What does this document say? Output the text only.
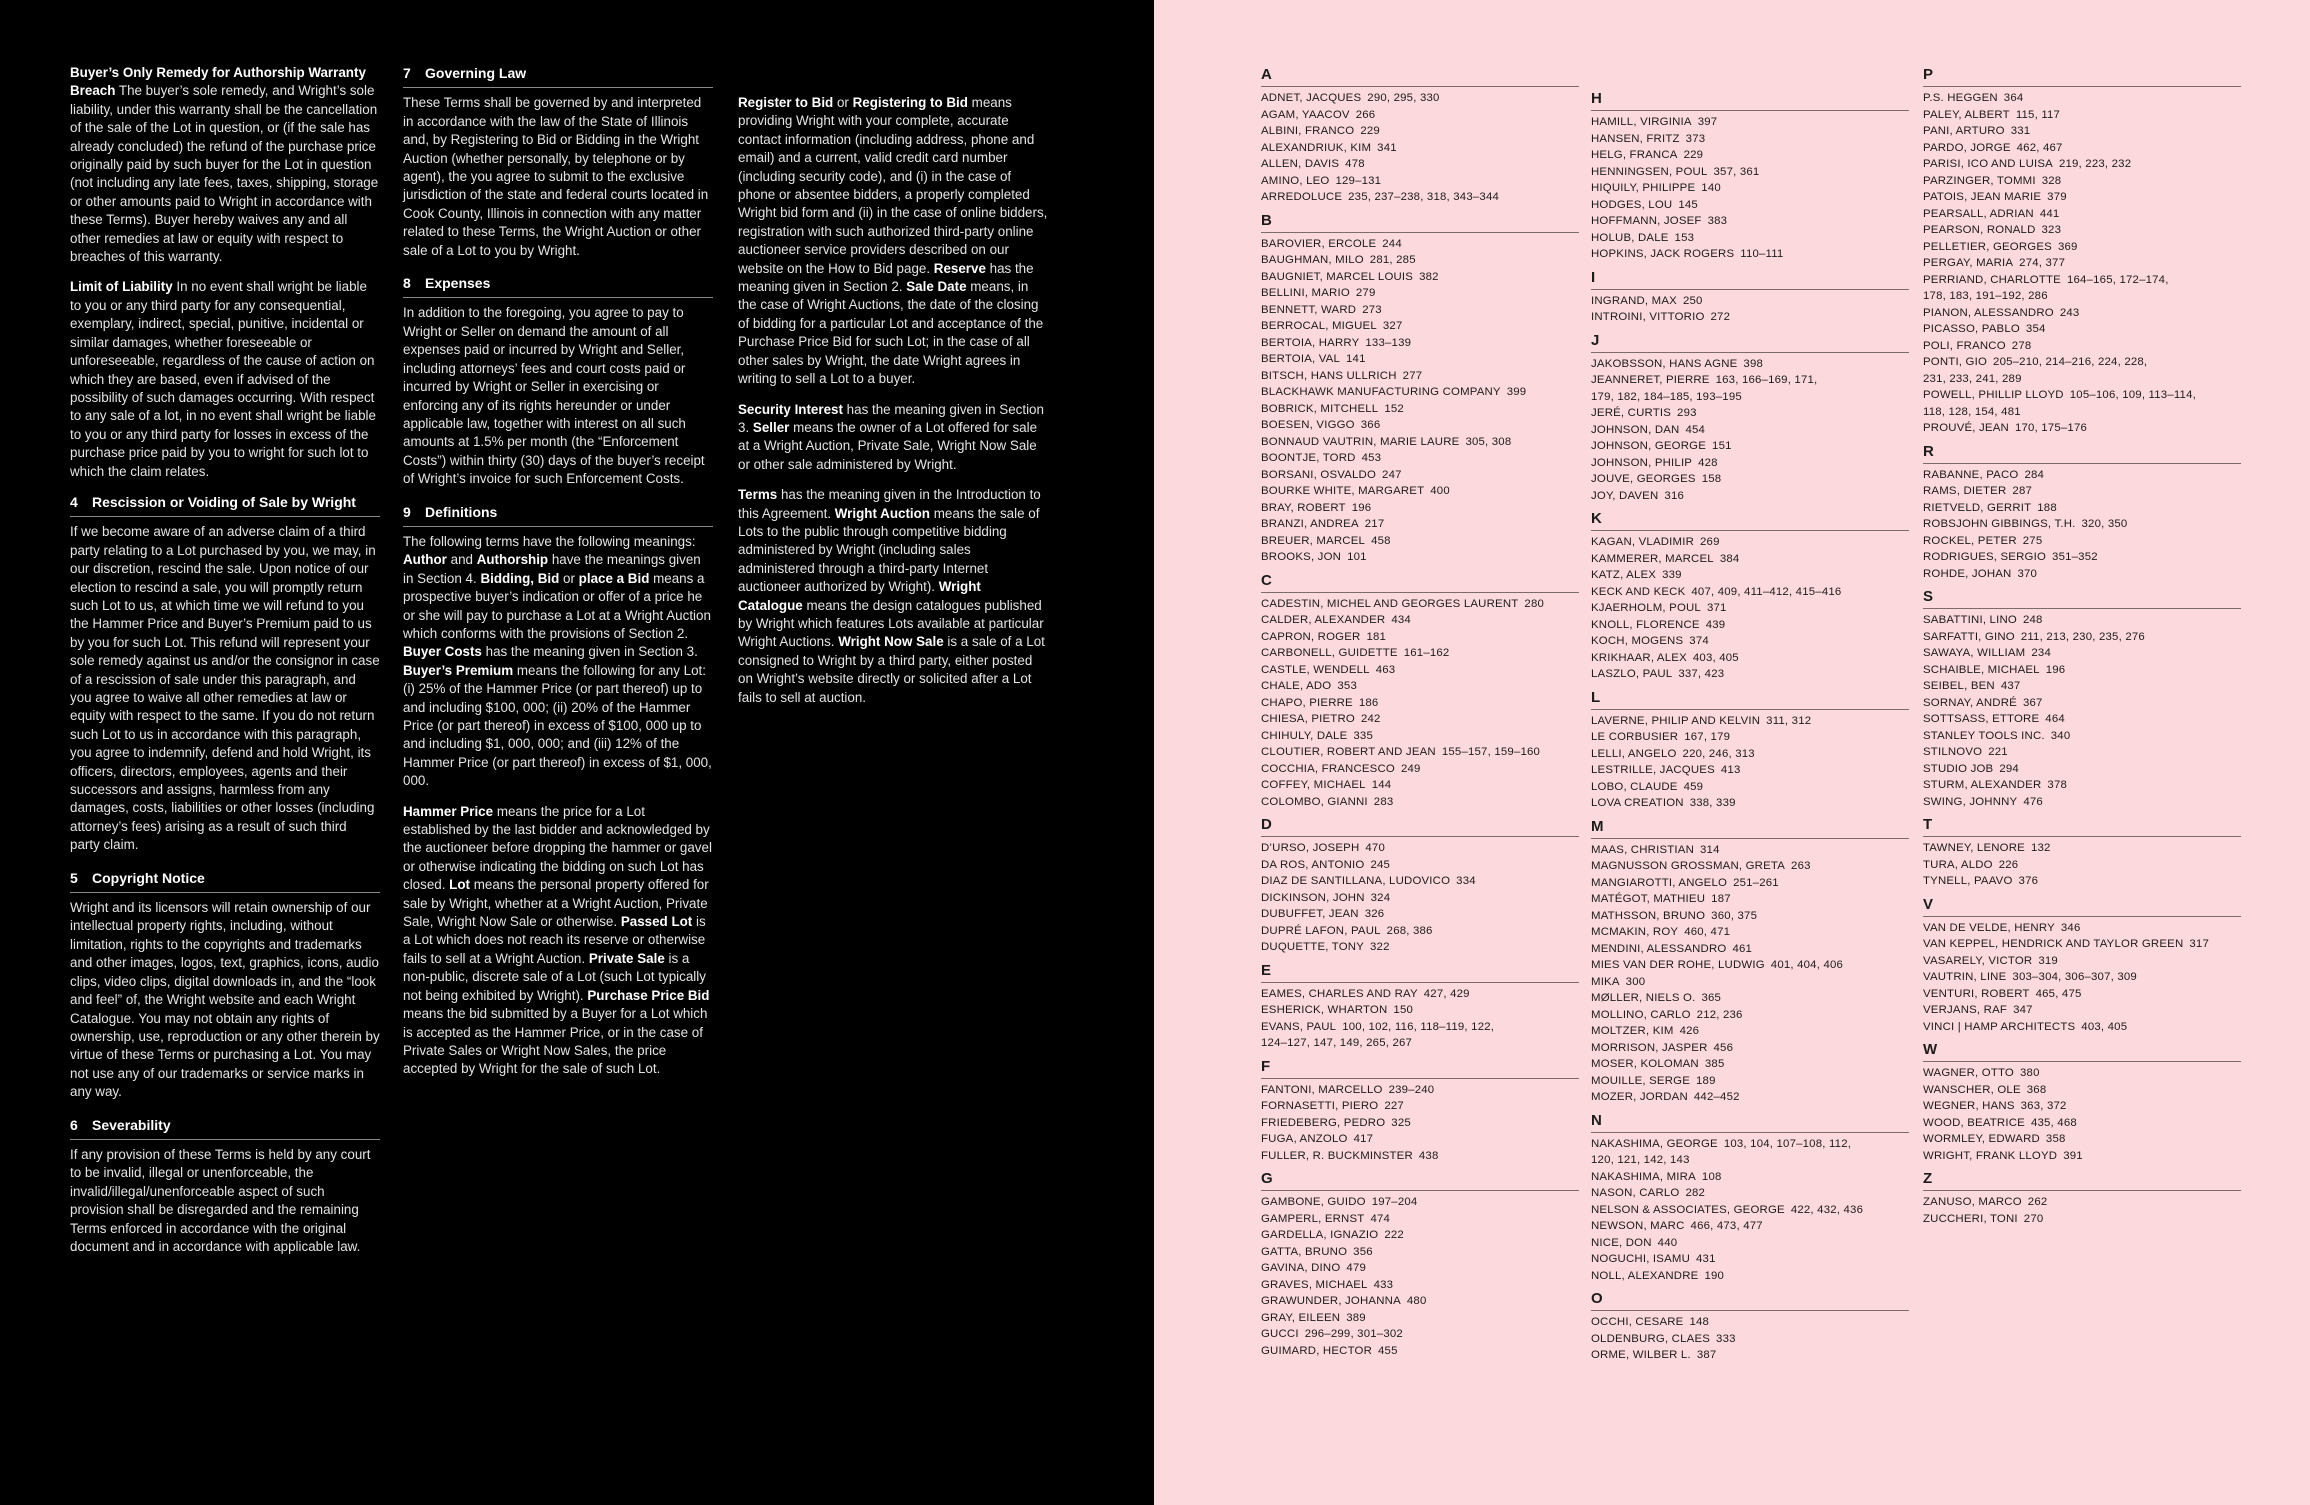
Buyer’s Only Remedy for Authorship Warranty Breach The buyer’s sole remedy, and Wright’s sole liability, under this warranty shall be the cancellation of the sale of the Lot in question, or (if the sale has already concluded) the refund of the purchase price originally paid by such buyer for the Lot in question (not including any late fees, taxes, shipping, storage or other amounts paid to Wright in accordance with these Terms). Buyer hereby waives any and all other remedies at law or equity with respect to breaches of this warranty.

Limit of Liability In no event shall wright be liable to you or any third party for any consequential, exemplary, indirect, special, punitive, incidental or similar damages, whether foreseeable or unforeseeable, regardless of the cause of action on which they are based, even if advised of the possibility of such damages occurring. With respect to any sale of a lot, in no event shall wright be liable to you or any third party for losses in excess of the purchase price paid by you to wright for such lot to which the claim relates.

4 Rescission or Voiding of Sale by Wright

If we become aware of an adverse claim of a third party relating to a Lot purchased by you, we may, in our discretion, rescind the sale. Upon notice of our election to rescind a sale, you will promptly return such Lot to us, at which time we will refund to you the Hammer Price and Buyer’s Premium paid to us by you for such Lot. This refund will represent your sole remedy against us and/or the consignor in case of a rescission of sale under this paragraph, and you agree to waive all other remedies at law or equity with respect to the same. If you do not return such Lot to us in accordance with this paragraph, you agree to indemnify, defend and hold Wright, its officers, directors, employees, agents and their successors and assigns, harmless from any damages, costs, liabilities or other losses (including attorney’s fees) arising as a result of such third party claim.

5 Copyright Notice

Wright and its licensors will retain ownership of our intellectual property rights, including, without limitation, rights to the copyrights and trademarks and other images, logos, text, graphics, icons, audio clips, video clips, digital downloads in, and the “look and feel” of, the Wright website and each Wright Catalogue. You may not obtain any rights of ownership, use, reproduction or any other therein by virtue of these Terms or purchasing a Lot. You may not use any of our trademarks or service marks in any way.

6 Severability

If any provision of these Terms is held by any court to be invalid, illegal or unenforceable, the invalid/illegal/unenforceable aspect of such provision shall be disregarded and the remaining Terms enforced in accordance with the original document and in accordance with applicable law.

7 Governing Law

These Terms shall be governed by and interpreted in accordance with the law of the State of Illinois and, by Registering to Bid or Bidding in the Wright Auction (whether personally, by telephone or by agent), the you agree to submit to the exclusive jurisdiction of the state and federal courts located in Cook County, Illinois in connection with any matter related to these Terms, the Wright Auction or other sale of a Lot to you by Wright.

8 Expenses

In addition to the foregoing, you agree to pay to Wright or Seller on demand the amount of all expenses paid or incurred by Wright and Seller, including attorneys’ fees and court costs paid or incurred by Wright or Seller in exercising or enforcing any of its rights hereunder or under applicable law, together with interest on all such amounts at 1.5% per month (the “Enforcement Costs”) within thirty (30) days of the buyer’s receipt of Wright’s invoice for such Enforcement Costs.

9 Definitions

The following terms have the following meanings: Author and Authorship have the meanings given in Section 4. Bidding, Bid or place a Bid means a prospective buyer’s indication or offer of a price he or she will pay to purchase a Lot at a Wright Auction which conforms with the provisions of Section 2. Buyer Costs has the meaning given in Section 3. Buyer’s Premium means the following for any Lot: (i) 25% of the Hammer Price (or part thereof) up to and including $100, 000; (ii) 20% of the Hammer Price (or part thereof) in excess of $100, 000 up to and including $1, 000, 000; and (iii) 12% of the Hammer Price (or part thereof) in excess of $1, 000, 000.

Hammer Price means the price for a Lot established by the last bidder and acknowledged by the auctioneer before dropping the hammer or gavel or otherwise indicating the bidding on such Lot has closed. Lot means the personal property offered for sale by Wright, whether at a Wright Auction, Private Sale, Wright Now Sale or otherwise. Passed Lot is a Lot which does not reach its reserve or otherwise fails to sell at a Wright Auction. Private Sale is a non-public, discrete sale of a Lot (such Lot typically not being exhibited by Wright). Purchase Price Bid means the bid submitted by a Buyer for a Lot which is accepted as the Hammer Price, or in the case of Private Sales or Wright Now Sales, the price accepted by Wright for the sale of such Lot.

Register to Bid or Registering to Bid means providing Wright with your complete, accurate contact information (including address, phone and email) and a current, valid credit card number (including security code), and (i) in the case of phone or absentee bidders, a properly completed Wright bid form and (ii) in the case of online bidders, registration with such authorized third-party online auctioneer service providers described on our website on the How to Bid page. Reserve has the meaning given in Section 2. Sale Date means, in the case of Wright Auctions, the date of the closing of bidding for a particular Lot and acceptance of the Purchase Price Bid for such Lot; in the case of all other sales by Wright, the date Wright agrees in writing to sell a Lot to a buyer.

Security Interest has the meaning given in Section 3. Seller means the owner of a Lot offered for sale at a Wright Auction, Private Sale, Wright Now Sale or other sale administered by Wright.

Terms has the meaning given in the Introduction to this Agreement. Wright Auction means the sale of Lots to the public through competitive bidding administered by Wright (including sales administered through a third-party Internet auctioneer authorized by Wright). Wright Catalogue means the design catalogues published by Wright which features Lots available at particular Wright Auctions. Wright Now Sale is a sale of a Lot consigned to Wright by a third party, either posted on Wright’s website directly or solicited after a Lot fails to sell at auction.

A
ADNET, JACQUES 290, 295, 330
AGAM, YAACOV 266
ALBINI, FRANCO 229
ALEXANDRIUK, KIM 341
ALLEN, DAVIS 478
AMINO, LEO 129–131
ARREDOLUCE 235, 237–238, 318, 343–344
B
BAROVIER, ERCOLE 244
BAUGHMAN, MILO 281, 285
BAUGNIET, MARCEL LOUIS 382
BELLINI, MARIO 279
BENNETT, WARD 273
BERROCAL, MIGUEL 327
BERTOIA, HARRY 133–139
BERTOIA, VAL 141
BITSCH, HANS ULLRICH 277
BLACKHAWK MANUFACTURING COMPANY 399
BOBRICK, MITCHELL 152
BOESEN, VIGGO 366
BONNAUD VAUTRIN, MARIE LAURE 305, 308
BOONTJE, TORD 453
BORSANI, OSVALDO 247
BOURKE WHITE, MARGARET 400
BRAY, ROBERT 196
BRANZI, ANDREA 217
BREUER, MARCEL 458
BROOKS, JON 101
C
CADESTIN, MICHEL AND GEORGES LAURENT 280
CALDER, ALEXANDER 434
CAPRON, ROGER 181
CARBONELL, GUIDETTE 161–162
CASTLE, WENDELL 463
CHALE, ADO 353
CHAPO, PIERRE 186
CHIESA, PIETRO 242
CHIHULY, DALE 335
CLOUTIER, ROBERT AND JEAN 155–157, 159–160
COCCHIA, FRANCESCO 249
COFFEY, MICHAEL 144
COLOMBO, GIANNI 283
D
D’URSO, JOSEPH 470
DA ROS, ANTONIO 245
DIAZ DE SANTILLANA, LUDOVICO 334
DICKINSON, JOHN 324
DUBUFFET, JEAN 326
DUPRÉ LAFON, PAUL 268, 386
DUQUETTE, TONY 322
E
EAMES, CHARLES AND RAY 427, 429
ESHERICK, WHARTON 150
EVANS, PAUL 100, 102, 116, 118–119, 122,
124–127, 147, 149, 265, 267
F
FANTONI, MARCELLO 239–240
FORNASETTI, PIERO 227
FRIEDEBERG, PEDRO 325
FUGA, ANZOLO 417
FULLER, R. BUCKMINSTER 438
G
GAMBONE, GUIDO 197–204
GAMPERL, ERNST 474
GARDELLA, IGNAZIO 222
GATTA, BRUNO 356
GAVINA, DINO 479
GRAVES, MICHAEL 433
GRAWUNDER, JOHANNA 480
GRAY, EILEEN 389
GUCCI 296–299, 301–302
GUIMARD, HECTOR 455
H
HAMILL, VIRGINIA 397
HANSEN, FRITZ 373
HELG, FRANCA 229
HENNINGSEN, POUL 357, 361
HIQUILY, PHILIPPE 140
HODGES, LOU 145
HOFFMANN, JOSEF 383
HOLUB, DALE 153
HOPKINS, JACK ROGERS 110–111
I
INGRAND, MAX 250
INTROINI, VITTORIO 272
J
JAKOBSSON, HANS AGNE 398
JEANNERET, PIERRE 163, 166–169, 171,
179, 182, 184–185, 193–195
JERÉ, CURTIS 293
JOHNSON, DAN 454
JOHNSON, GEORGE 151
JOHNSON, PHILIP 428
JOUVE, GEORGES 158
JOY, DAVEN 316
K
KAGAN, VLADIMIR 269
KAMMERER, MARCEL 384
KATZ, ALEX 339
KECK AND KECK 407, 409, 411–412, 415–416
KJAERHOLM, POUL 371
KNOLL, FLORENCE 439
KOCH, MOGENS 374
KRIKHAAR, ALEX 403, 405
LASZLO, PAUL 337, 423
L
LAVERNE, PHILIP AND KELVIN 311, 312
LE CORBUSIER 167, 179
LELLI, ANGELO 220, 246, 313
LESTRILLE, JACQUES 413
LOBO, CLAUDE 459
LOVA CREATION 338, 339
M
MAAS, CHRISTIAN 314
MAGNUSSON GROSSMAN, GRETA 263
MANGIAROTTI, ANGELO 251–261
MATÉGOT, MATHIEU 187
MATHSSON, BRUNO 360, 375
MCMAKIN, ROY 460, 471
MENDINI, ALESSANDRO 461
MIES VAN DER ROHE, LUDWIG 401, 404, 406
MIKA 300
MØLLER, NIELS O. 365
MOLLINO, CARLO 212, 236
MOLTZER, KIM 426
MORRISON, JASPER 456
MOSER, KOLOMAN 385
MOUILLE, SERGE 189
MOZER, JORDAN 442–452
N
NAKASHIMA, GEORGE 103, 104, 107–108, 112,
120, 121, 142, 143
NAKASHIMA, MIRA 108
NASON, CARLO 282
NELSON & ASSOCIATES, GEORGE 422, 432, 436
NEWSON, MARC 466, 473, 477
NICE, DON 440
NOGUCHI, ISAMU 431
NOLL, ALEXANDRE 190
O
OCCHI, CESARE 148
OLDENBURG, CLAES 333
ORME, WILBER L. 387
P
P.S. HEGGEN 364
PALEY, ALBERT 115, 117
PANI, ARTURO 331
PARDO, JORGE 462, 467
PARISI, ICO AND LUISA 219, 223, 232
PARZINGER, TOMMI 328
PATOIS, JEAN MARIE 379
PEARSALL, ADRIAN 441
PEARSON, RONALD 323
PELLETIER, GEORGES 369
PERGAY, MARIA 274, 377
PERRIAND, CHARLOTTE 164–165, 172–174,
178, 183, 191–192, 286
PIANON, ALESSANDRO 243
PICASSO, PABLO 354
POLI, FRANCO 278
PONTI, GIO 205–210, 214–216, 224, 228,
231, 233, 241, 289
POWELL, PHILLIP LLOYD 105–106, 109, 113–114,
118, 128, 154, 481
PROUVÉ, JEAN 170, 175–176
R
RABANNE, PACO 284
RAMS, DIETER 287
RIETVELD, GERRIT 188
ROBSJOHN GIBBINGS, T.H. 320, 350
ROCKEL, PETER 275
RODRIGUES, SERGIO 351–352
ROHDE, JOHAN 370
S
SABATTINI, LINO 248
SARFATTI, GINO 211, 213, 230, 235, 276
SAWAYA, WILLIAM 234
SCHAIBLE, MICHAEL 196
SEIBEL, BEN 437
SORNAY, ANDRÉ 367
SOTTSASS, ETTORE 464
STANLEY TOOLS INC. 340
STILNOVO 221
STUDIO JOB 294
STURM, ALEXANDER 378
SWING, JOHNNY 476
T
TAWNEY, LENORE 132
TURA, ALDO 226
TYNELL, PAAVO 376
V
VAN DE VELDE, HENRY 346
VAN KEPPEL, HENDRICK AND TAYLOR GREEN 317
VASARELY, VICTOR 319
VAUTRIN, LINE 303–304, 306–307, 309
VENTURI, ROBERT 465, 475
VERJANS, RAF 347
VINCI | HAMP ARCHITECTS 403, 405
W
WAGNER, OTTO 380
WANSCHER, OLE 368
WEGNER, HANS 363, 372
WOOD, BEATRICE 435, 468
WORMLEY, EDWARD 358
WRIGHT, FRANK LLOYD 391
Z
ZANUSO, MARCO 262
ZUCCHERI, TONI 270
